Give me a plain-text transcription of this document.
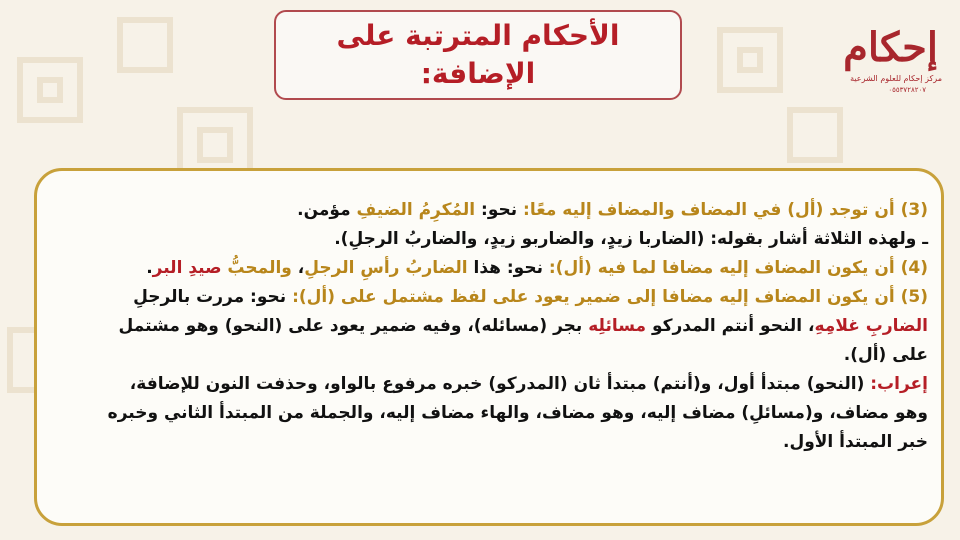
الأحكام المترتبة على
الإضافة:
إحكام
مركز إحكام للعلوم الشرعية
٠٥٥٣٧٢٨٢٠٧

(3) أن توجد (أل) في المضاف والمضاف إليه معًا: نحو: المُكرِمُ الضيفِ مؤمن.

ـ ولهذه الثلاثة أشار بقوله: (الضاربا زيدٍ، والضاربو زيدٍ، والضاربُ الرجلِ).

(4) أن يكون المضاف إليه مضافا لما فيه (أل): نحو: هذا الضاربُ رأسِ الرجلِ، والمحبُّ صيدِ البر.

(5) أن يكون المضاف إليه مضافا إلى ضمير يعود على لفظ مشتمل على (أل): نحو: مررت بالرجلِ الضاربِ غلامِهِ، النحو أنتم المدركو مسائلِه بجر (مسائله)، وفيه ضمير يعود على (النحو) وهو مشتمل على (أل).

إعراب: (النحو) مبتدأ أول، و(أنتم) مبتدأ ثان (المدركو) خبره مرفوع بالواو، وحذفت النون للإضافة، وهو مضاف، و(مسائلِ) مضاف إليه، وهو مضاف، والهاء مضاف إليه، والجملة من المبتدأ الثاني وخبره خبر المبتدأ الأول.
